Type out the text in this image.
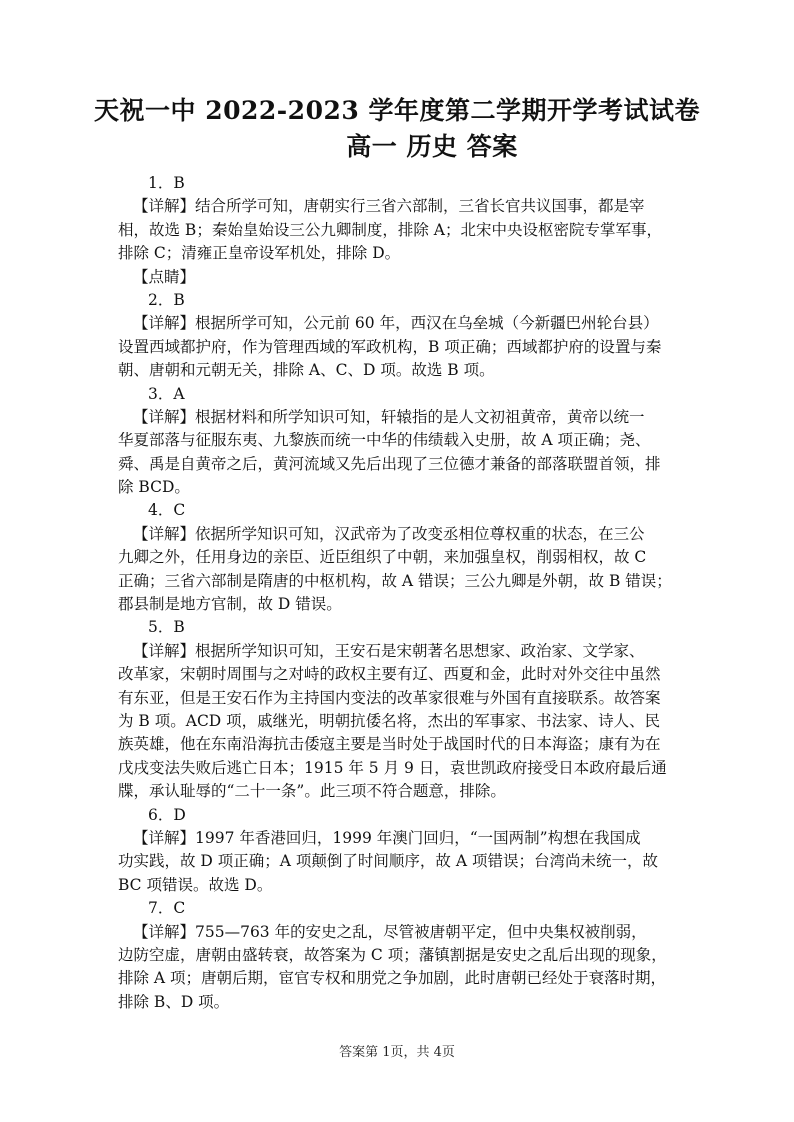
天祝一中 2022-2023 学年度第二学期开学考试试卷
高一 历史 答案
1．B
【详解】结合所学可知，唐朝实行三省六部制，三省长官共议国事，都是宰
相，故选 B；秦始皇始设三公九卿制度，排除 A；北宋中央设枢密院专掌军事，
排除 C；清雍正皇帝设军机处，排除 D。
【点睛】
2．B
【详解】根据所学可知，公元前 60 年，西汉在乌垒城（今新疆巴州轮台县）
设置西域都护府，作为管理西域的军政机构，B 项正确；西域都护府的设置与秦
朝、唐朝和元朝无关，排除 A、C、D 项。故选 B 项。
3．A
【详解】根据材料和所学知识可知，轩辕指的是人文初祖黄帝，黄帝以统一
华夏部落与征服东夷、九黎族而统一中华的伟绩载入史册，故 A 项正确；尧、
舜、禹是自黄帝之后，黄河流域又先后出现了三位德才兼备的部落联盟首领，排
除 BCD。
4．C
【详解】依据所学知识可知，汉武帝为了改变丞相位尊权重的状态，在三公
九卿之外，任用身边的亲臣、近臣组织了中朝，来加强皇权，削弱相权，故 C
正确；三省六部制是隋唐的中枢机构，故 A 错误；三公九卿是外朝，故 B 错误；
郡县制是地方官制，故 D 错误。
5．B
【详解】根据所学知识可知，王安石是宋朝著名思想家、政治家、文学家、
改革家，宋朝时周围与之对峙的政权主要有辽、西夏和金，此时对外交往中虽然
有东亚，但是王安石作为主持国内变法的改革家很难与外国有直接联系。故答案
为 B 项。ACD 项，戚继光，明朝抗倭名将，杰出的军事家、书法家、诗人、民
族英雄，他在东南沿海抗击倭寇主要是当时处于战国时代的日本海盗；康有为在
戊戌变法失败后逃亡日本；1915 年 5 月 9 日，袁世凯政府接受日本政府最后通
牒，承认耻辱的“二十一条”。此三项不符合题意，排除。
6．D
【详解】1997 年香港回归，1999 年澳门回归，“一国两制”构想在我国成
功实践，故 D 项正确；A 项颠倒了时间顺序，故 A 项错误；台湾尚未统一，故
BC 项错误。故选 D。
7．C
【详解】755—763 年的安史之乱，尽管被唐朝平定，但中央集权被削弱，
边防空虚，唐朝由盛转衰，故答案为 C 项；藩镇割据是安史之乱后出现的现象，
排除 A 项；唐朝后期，宦官专权和朋党之争加剧，此时唐朝已经处于衰落时期，
排除 B、D 项。
答案第 1页，共 4页
